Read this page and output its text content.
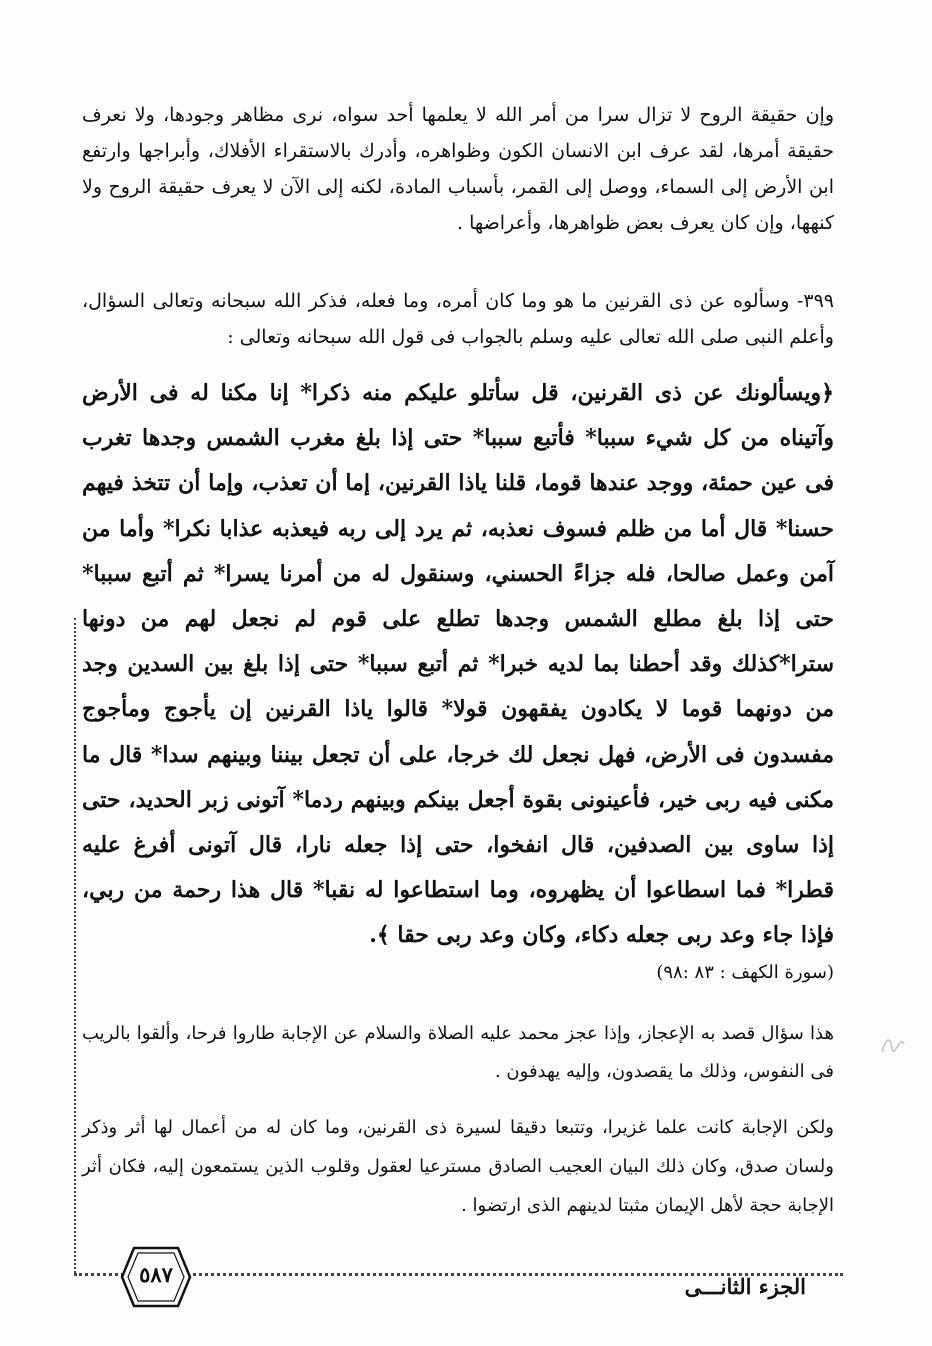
وإن حقيقة الروح لا تزال سرا من أمر الله لا يعلمها أحد سواه، نرى مظاهر وجودها، ولا نعرف حقيقة أمرها، لقد عرف ابن الانسان الكون وظواهره، وأدرك بالاستقراء الأفلاك، وأبراجها وارتفع ابن الأرض إلى السماء، ووصل إلى القمر، بأسباب المادة، لكنه إلى الآن لا يعرف حقيقة الروح ولا كنهها، وإن كان يعرف بعض ظواهرها، وأعراضها .

٣٩٩- وسألوه عن ذى القرنين ما هو وما كان أمره، وما فعله، فذكر الله سبحانه وتعالى السؤال، وأعلم النبى صلى الله تعالى عليه وسلم بالجواب فى قول الله سبحانه وتعالى :

﴿ويسألونك عن ذى القرنين، قل سأتلو عليكم منه ذكرا* إنا مكنا له فى الأرض وآتيناه من كل شيء سببا* فأتبع سببا* حتى إذا بلغ مغرب الشمس وجدها تغرب فى عين حمئة، ووجد عندها قوما، قلنا ياذا القرنين، إما أن تعذب، وإما أن تتخذ فيهم حسنا* قال أما من ظلم فسوف نعذبه، ثم يرد إلى ربه فيعذبه عذابا نكرا* وأما من آمن وعمل صالحا، فله جزاءً الحسني، وسنقول له من أمرنا يسرا* ثم أتبع سببا* حتى إذا بلغ مطلع الشمس وجدها تطلع على قوم لم نجعل لهم من دونها سترا*كذلك وقد أحطنا بما لديه خبرا* ثم أتبع سببا* حتى إذا بلغ بين السدين وجد من دونهما قوما لا يكادون يفقهون قولا* قالوا ياذا القرنين إن يأجوج ومأجوج مفسدون فى الأرض، فهل نجعل لك خرجا، على أن تجعل بيننا وبينهم سدا* قال ما مكنى فيه ربى خير، فأعينونى بقوة أجعل بينكم وبينهم ردما* آتونى زبر الحديد، حتى إذا ساوى بين الصدفين، قال انفخوا، حتى إذا جعله نارا، قال آتونى أفرغ عليه قطرا* فما اسطاعوا أن يظهروه، وما استطاعوا له نقبا* قال هذا رحمة من ربي، فإذا جاء وعد ربى جعله دكاء، وكان وعد ربى حقا ﴾.

(سورة الكهف : ٨٣ :٩٨)

هذا سؤال قصد به الإعجاز، وإذا عجز محمد عليه الصلاة والسلام عن الإجابة طاروا فرحا، وألقوا بالريب فى النفوس، وذلك ما يقصدون، وإليه يهدفون .

ولكن الإجابة كانت علما غزيرا، وتتبعا دقيقا لسيرة ذى القرنين، وما كان له من أعمال لها أثر وذكر ولسان صدق، وكان ذلك البيان العجيب الصادق مسترعيا لعقول وقلوب الذين يستمعون إليه، فكان أثر الإجابة حجة لأهل الإيمان مثبتا لدينهم الذى ارتضوا .

٥٨٧	الجزء الثانـــى
